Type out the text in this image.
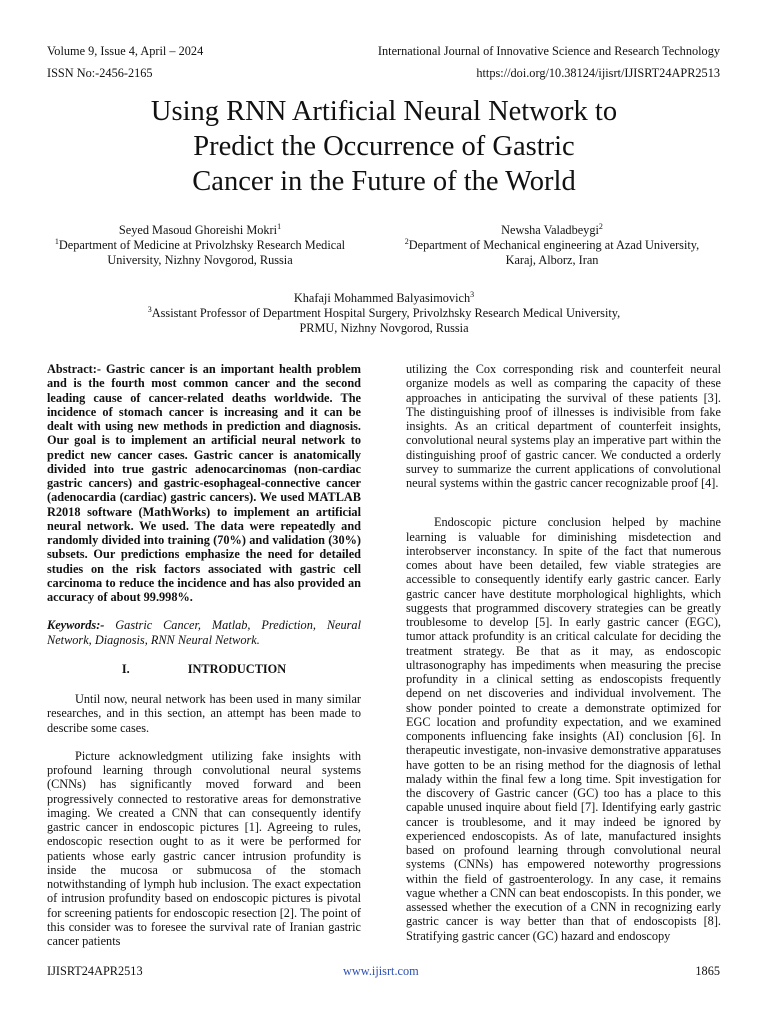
Volume 9, Issue 4, April – 2024	International Journal of Innovative Science and Research Technology
ISSN No:-2456-2165	https://doi.org/10.38124/ijisrt/IJISRT24APR2513
Using RNN Artificial Neural Network to
Predict the Occurrence of Gastric
Cancer in the Future of the World
Seyed Masoud Ghoreishi Mokri$^1$
$^1$Department of Medicine at Privolzhsky Research Medical
University, Nizhny Novgorod, Russia
Newsha Valadbeygi$^2$
$^2$Department of Mechanical engineering at Azad University,
Karaj, Alborz, Iran
Khafaji Mohammed Balyasimovich$^3$
$^3$Assistant Professor of Department Hospital Surgery, Privolzhsky Research Medical University,
PRMU, Nizhny Novgorod, Russia

Abstract:- Gastric cancer is an important health problem and is the fourth most common cancer and the second leading cause of cancer-related deaths worldwide. The incidence of stomach cancer is increasing and it can be dealt with using new methods in prediction and diagnosis. Our goal is to implement an artificial neural network to predict new cancer cases. Gastric cancer is anatomically divided into true gastric adenocarcinomas (non-cardiac gastric cancers) and gastric-esophageal-connective cancer (adenocardia (cardiac) gastric cancers). We used MATLAB R2018 software (MathWorks) to implement an artificial neural network. We used. The data were repeatedly and randomly divided into training (70%) and validation (30%) subsets. Our predictions emphasize the need for detailed studies on the risk factors associated with gastric cell carcinoma to reduce the incidence and has also provided an accuracy of about 99.998%.

Keywords:- Gastric Cancer, Matlab, Prediction, Neural Network, Diagnosis, RNN Neural Network.

I.	INTRODUCTION

Until now, neural network has been used in many similar researches, and in this section, an attempt has been made to describe some cases.

Picture acknowledgment utilizing fake insights with profound learning through convolutional neural systems (CNNs) has significantly moved forward and been progressively connected to restorative areas for demonstrative imaging. We created a CNN that can consequently identify gastric cancer in endoscopic pictures [1]. Agreeing to rules, endoscopic resection ought to as it were be performed for patients whose early gastric cancer intrusion profundity is inside the mucosa or submucosa of the stomach notwithstanding of lymph hub inclusion. The exact expectation of intrusion profundity based on endoscopic pictures is pivotal for screening patients for endoscopic resection [2]. The point of this consider was to foresee the survival rate of Iranian gastric cancer patients

utilizing the Cox corresponding risk and counterfeit neural organize models as well as comparing the capacity of these approaches in anticipating the survival of these patients [3]. The distinguishing proof of illnesses is indivisible from fake insights. As an critical department of counterfeit insights, convolutional neural systems play an imperative part within the distinguishing proof of gastric cancer. We conducted a orderly survey to summarize the current applications of convolutional neural systems within the gastric cancer recognizable proof [4].

Endoscopic picture conclusion helped by machine learning is valuable for diminishing misdetection and interobserver inconstancy. In spite of the fact that numerous comes about have been detailed, few viable strategies are accessible to consequently identify early gastric cancer. Early gastric cancer have destitute morphological highlights, which suggests that programmed discovery strategies can be greatly troublesome to develop [5]. In early gastric cancer (EGC), tumor attack profundity is an critical calculate for deciding the treatment strategy. Be that as it may, as endoscopic ultrasonography has impediments when measuring the precise profundity in a clinical setting as endoscopists frequently depend on net discoveries and individual involvement. The show ponder pointed to create a demonstrate optimized for EGC location and profundity expectation, and we examined components influencing fake insights (AI) conclusion [6]. In therapeutic investigate, non-invasive demonstrative apparatuses have gotten to be an rising method for the diagnosis of lethal malady within the final few a long time. Spit investigation for the discovery of Gastric cancer (GC) too has a place to this capable unused inquire about field [7]. Identifying early gastric cancer is troublesome, and it may indeed be ignored by experienced endoscopists. As of late, manufactured insights based on profound learning through convolutional neural systems (CNNs) has empowered noteworthy progressions within the field of gastroenterology. In any case, it remains vague whether a CNN can beat endoscopists. In this ponder, we assessed whether the execution of a CNN in recognizing early gastric cancer is way better than that of endoscopists [8]. Stratifying gastric cancer (GC) hazard and endoscopy

IJISRT24APR2513	www.ijisrt.com	1865
